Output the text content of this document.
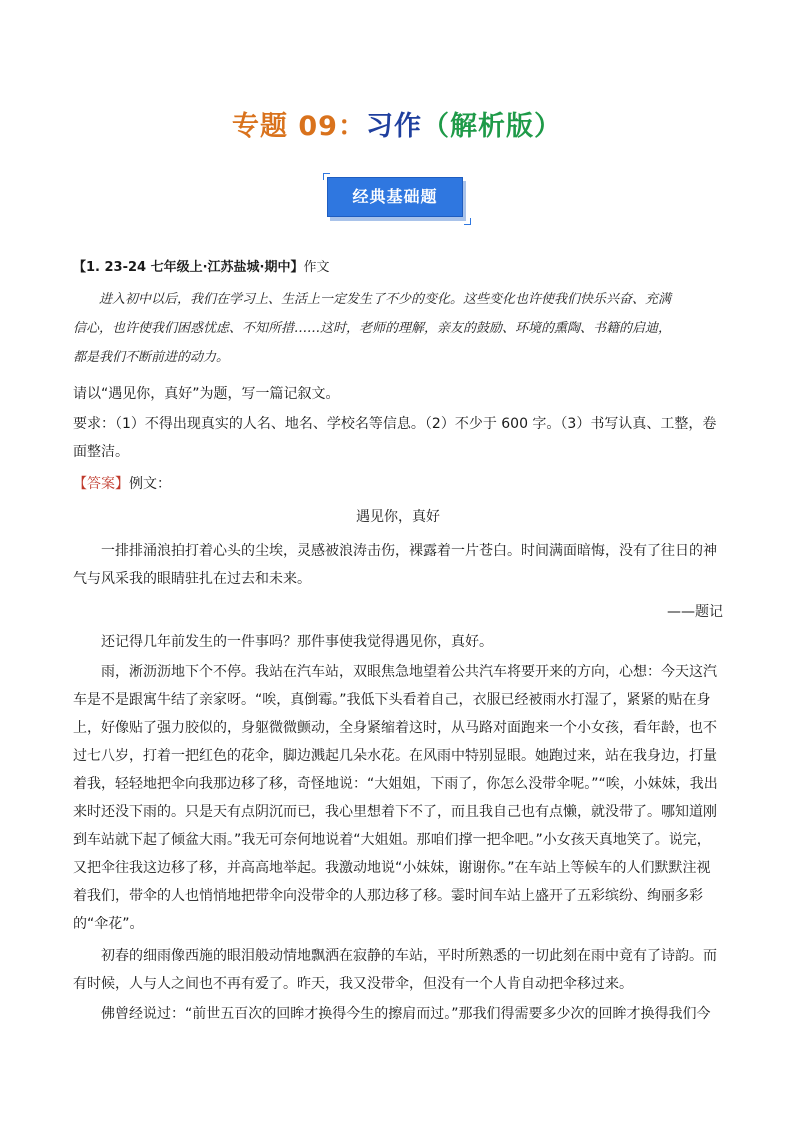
专题 09：习作（解析版）
经典基础题
【1. 23-24 七年级上·江苏盐城·期中】作文
进入初中以后，我们在学习上、生活上一定发生了不少的变化。这些变化也许使我们快乐兴奋、充满
信心，也许使我们困惑忧虑、不知所措……这时，老师的理解，亲友的鼓励、环境的熏陶、书籍的启迪，
都是我们不断前进的动力。
请以“遇见你，真好”为题，写一篇记叙文。
要求：（1）不得出现真实的人名、地名、学校名等信息。（2）不少于 600 字。（3）书写认真、工整，卷面整洁。
【答案】例文：
遇见你，真好
一排排涌浪拍打着心头的尘埃，灵感被浪涛击伤，裸露着一片苍白。时间满面暗悔，没有了往日的神气与风采我的眼睛驻扎在过去和未来。
——题记
还记得几年前发生的一件事吗？那件事使我觉得遇见你，真好。
雨，淅沥沥地下个不停。我站在汽车站，双眼焦急地望着公共汽车将要开来的方向，心想：今天这汽车是不是跟寓牛结了亲家呀。“唉，真倒霉。”我低下头看着自己，衣服已经被雨水打湿了，紧紧的贴在身上，好像贴了强力胶似的，身躯微微颤动，全身紧缩着这时，从马路对面跑来一个小女孩，看年龄，也不过七八岁，打着一把红色的花伞，脚边溅起几朵水花。在风雨中特别显眼。她跑过来，站在我身边，打量着我，轻轻地把伞向我那边移了移，奇怪地说：“大姐姐，下雨了，你怎么没带伞呢。”“唉，小妹妹，我出来时还没下雨的。只是天有点阴沉而已，我心里想着下不了，而且我自己也有点懒，就没带了。哪知道刚到车站就下起了倾盆大雨。”我无可奈何地说着“大姐姐。那咱们撑一把伞吧。”小女孩天真地笑了。说完，又把伞往我这边移了移，并高高地举起。我激动地说“小妹妹，谢谢你。”在车站上等候车的人们默默注视着我们，带伞的人也悄悄地把带伞向没带伞的人那边移了移。霎时间车站上盛开了五彩缤纷、绚丽多彩的“伞花”。
初春的细雨像西施的眼泪般动情地飘洒在寂静的车站，平时所熟悉的一切此刻在雨中竟有了诗韵。而有时候，人与人之间也不再有爱了。昨天，我又没带伞，但没有一个人肯自动把伞移过来。
佛曾经说过：“前世五百次的回眸才换得今生的擦肩而过。”那我们得需要多少次的回眸才换得我们今
